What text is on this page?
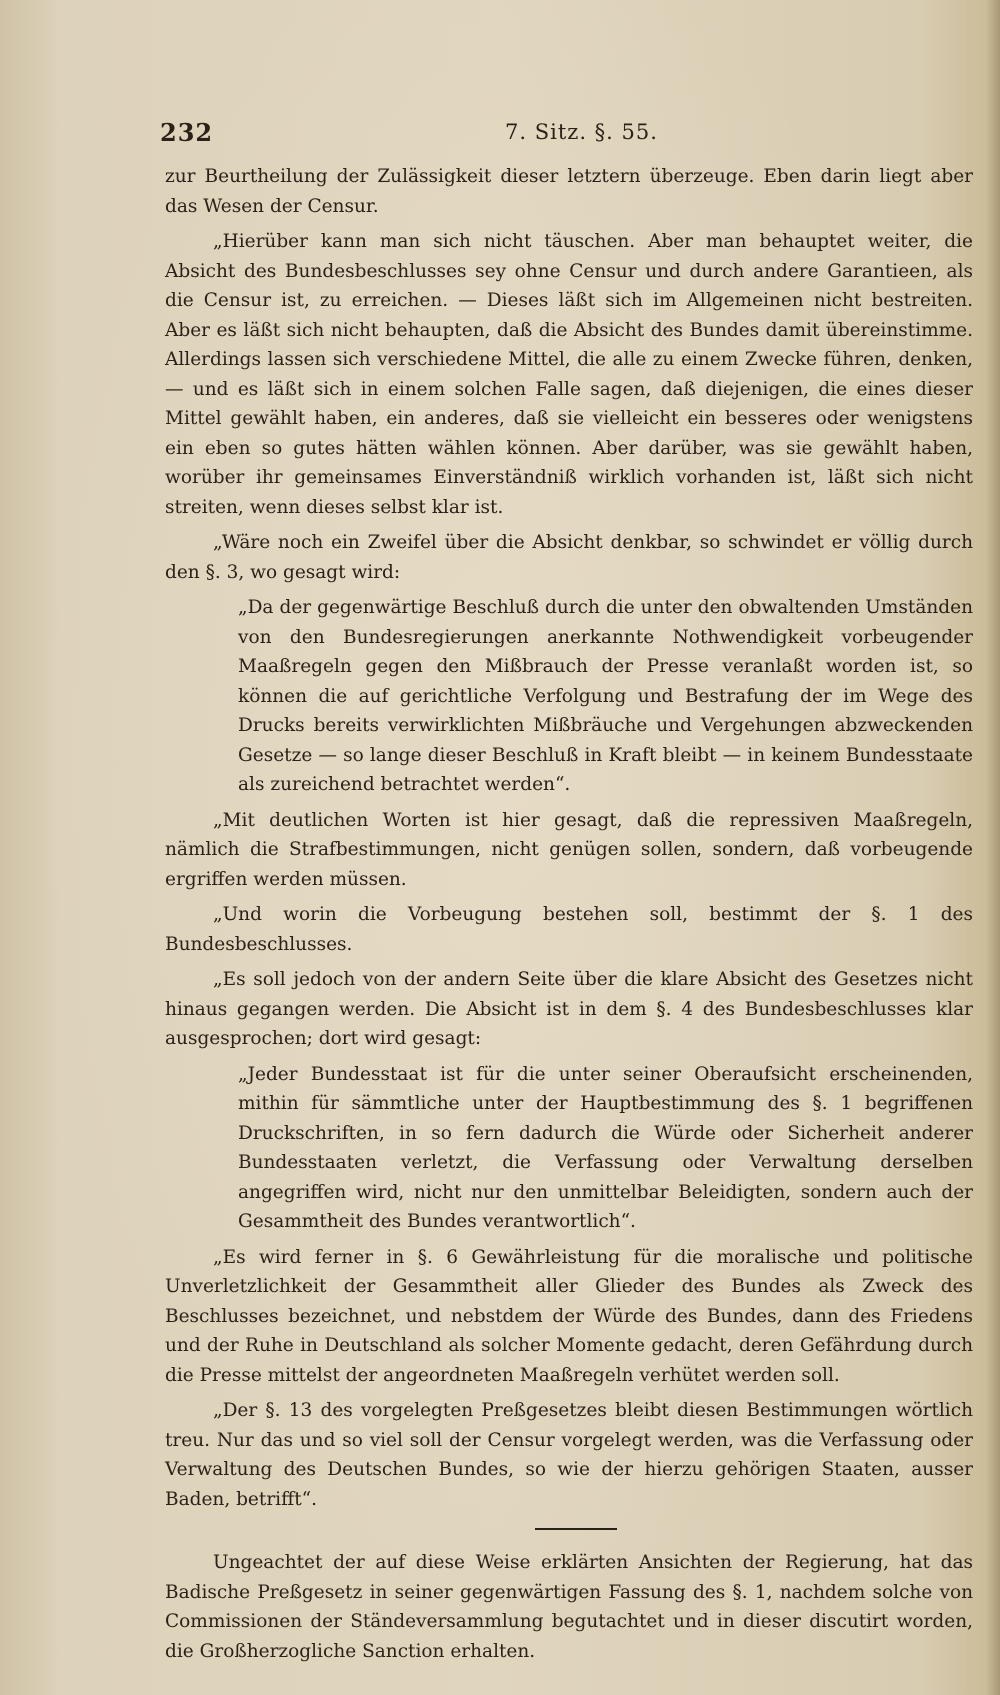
232	7. Sitz. §. 55.

zur Beurtheilung der Zulässigkeit dieser letztern überzeuge. Eben darin liegt aber das Wesen der Censur.

„Hierüber kann man sich nicht täuschen. Aber man behauptet weiter, die Absicht des Bundesbeschlusses sey ohne Censur und durch andere Garantieen, als die Censur ist, zu erreichen. — Dieses läßt sich im Allgemeinen nicht bestreiten. Aber es läßt sich nicht behaupten, daß die Absicht des Bundes damit übereinstimme. Allerdings lassen sich verschiedene Mittel, die alle zu einem Zwecke führen, denken, — und es läßt sich in einem solchen Falle sagen, daß diejenigen, die eines dieser Mittel gewählt haben, ein anderes, daß sie vielleicht ein besseres oder wenigstens ein eben so gutes hätten wählen können. Aber darüber, was sie gewählt haben, worüber ihr gemeinsames Einverständniß wirklich vorhanden ist, läßt sich nicht streiten, wenn dieses selbst klar ist.

„Wäre noch ein Zweifel über die Absicht denkbar, so schwindet er völlig durch den §. 3, wo gesagt wird:

„Da der gegenwärtige Beschluß durch die unter den obwaltenden Umständen von den Bundesregierungen anerkannte Nothwendigkeit vorbeugender Maaßregeln gegen den Mißbrauch der Presse veranlaßt worden ist, so können die auf gerichtliche Verfolgung und Bestrafung der im Wege des Drucks bereits verwirklichten Mißbräuche und Vergehungen abzweckenden Gesetze — so lange dieser Beschluß in Kraft bleibt — in keinem Bundesstaate als zureichend betrachtet werden“.

„Mit deutlichen Worten ist hier gesagt, daß die repressiven Maaßregeln, nämlich die Strafbestimmungen, nicht genügen sollen, sondern, daß vorbeugende ergriffen werden müssen.

„Und worin die Vorbeugung bestehen soll, bestimmt der §. 1 des Bundesbeschlusses.

„Es soll jedoch von der andern Seite über die klare Absicht des Gesetzes nicht hinaus gegangen werden. Die Absicht ist in dem §. 4 des Bundesbeschlusses klar ausgesprochen; dort wird gesagt:

„Jeder Bundesstaat ist für die unter seiner Oberaufsicht erscheinenden, mithin für sämmtliche unter der Hauptbestimmung des §. 1 begriffenen Druckschriften, in so fern dadurch die Würde oder Sicherheit anderer Bundesstaaten verletzt, die Verfassung oder Verwaltung derselben angegriffen wird, nicht nur den unmittelbar Beleidigten, sondern auch der Gesammtheit des Bundes verantwortlich“.

„Es wird ferner in §. 6 Gewährleistung für die moralische und politische Unverletzlichkeit der Gesammtheit aller Glieder des Bundes als Zweck des Beschlusses bezeichnet, und nebstdem der Würde des Bundes, dann des Friedens und der Ruhe in Deutschland als solcher Momente gedacht, deren Gefährdung durch die Presse mittelst der angeordneten Maaßregeln verhütet werden soll.

„Der §. 13 des vorgelegten Preßgesetzes bleibt diesen Bestimmungen wörtlich treu. Nur das und so viel soll der Censur vorgelegt werden, was die Verfassung oder Verwaltung des Deutschen Bundes, so wie der hierzu gehörigen Staaten, ausser Baden, betrifft“.

Ungeachtet der auf diese Weise erklärten Ansichten der Regierung, hat das Badische Preßgesetz in seiner gegenwärtigen Fassung des §. 1, nachdem solche von Commissionen der Ständeversammlung begutachtet und in dieser discutirt worden, die Großherzogliche Sanction erhalten.
